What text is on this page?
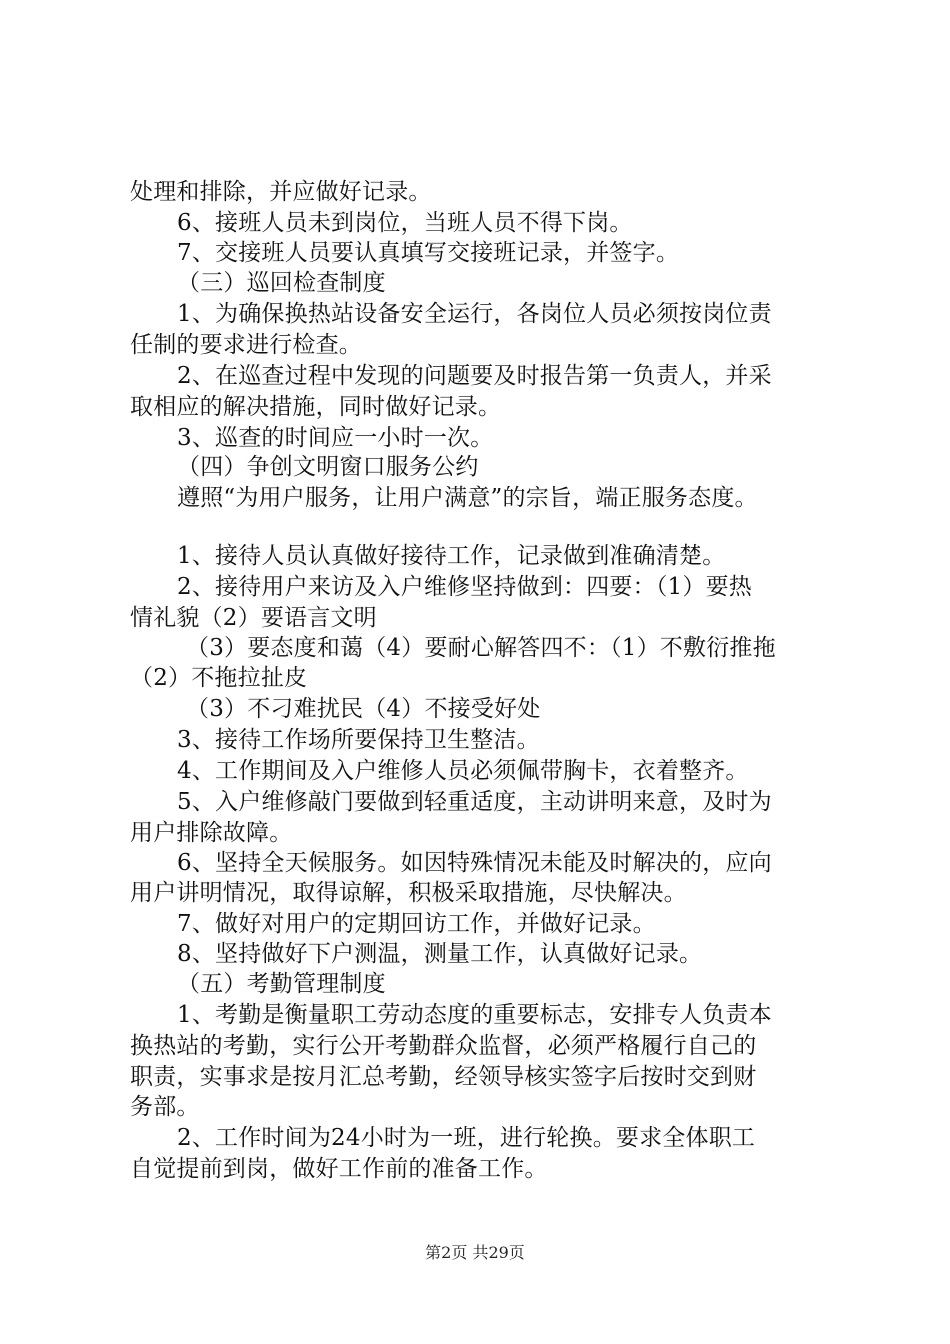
处理和排除，并应做好记录。
6、接班人员未到岗位，当班人员不得下岗。
7、交接班人员要认真填写交接班记录，并签字。
（三）巡回检查制度
1、为确保换热站设备安全运行，各岗位人员必须按岗位责
任制的要求进行检查。
2、在巡查过程中发现的问题要及时报告第一负责人，并采
取相应的解决措施，同时做好记录。
3、巡查的时间应一小时一次。
（四）争创文明窗口服务公约
遵照“为用户服务，让用户满意”的宗旨，端正服务态度。
1、接待人员认真做好接待工作，记录做到准确清楚。
2、接待用户来访及入户维修坚持做到：四要：（1）要热
情礼貌（2）要语言文明
（3）要态度和蔼（4）要耐心解答四不：（1）不敷衍推拖
（2）不拖拉扯皮
（3）不刁难扰民（4）不接受好处
3、接待工作场所要保持卫生整洁。
4、工作期间及入户维修人员必须佩带胸卡，衣着整齐。
5、入户维修敲门要做到轻重适度，主动讲明来意，及时为
用户排除故障。
6、坚持全天候服务。如因特殊情况未能及时解决的，应向
用户讲明情况，取得谅解，积极采取措施，尽快解决。
7、做好对用户的定期回访工作，并做好记录。
8、坚持做好下户测温，测量工作，认真做好记录。
（五）考勤管理制度
1、考勤是衡量职工劳动态度的重要标志，安排专人负责本
换热站的考勤，实行公开考勤群众监督，必须严格履行自己的
职责，实事求是按月汇总考勤，经领导核实签字后按时交到财
务部。
2、工作时间为24小时为一班，进行轮换。要求全体职工
自觉提前到岗，做好工作前的准备工作。
第2页 共29页
